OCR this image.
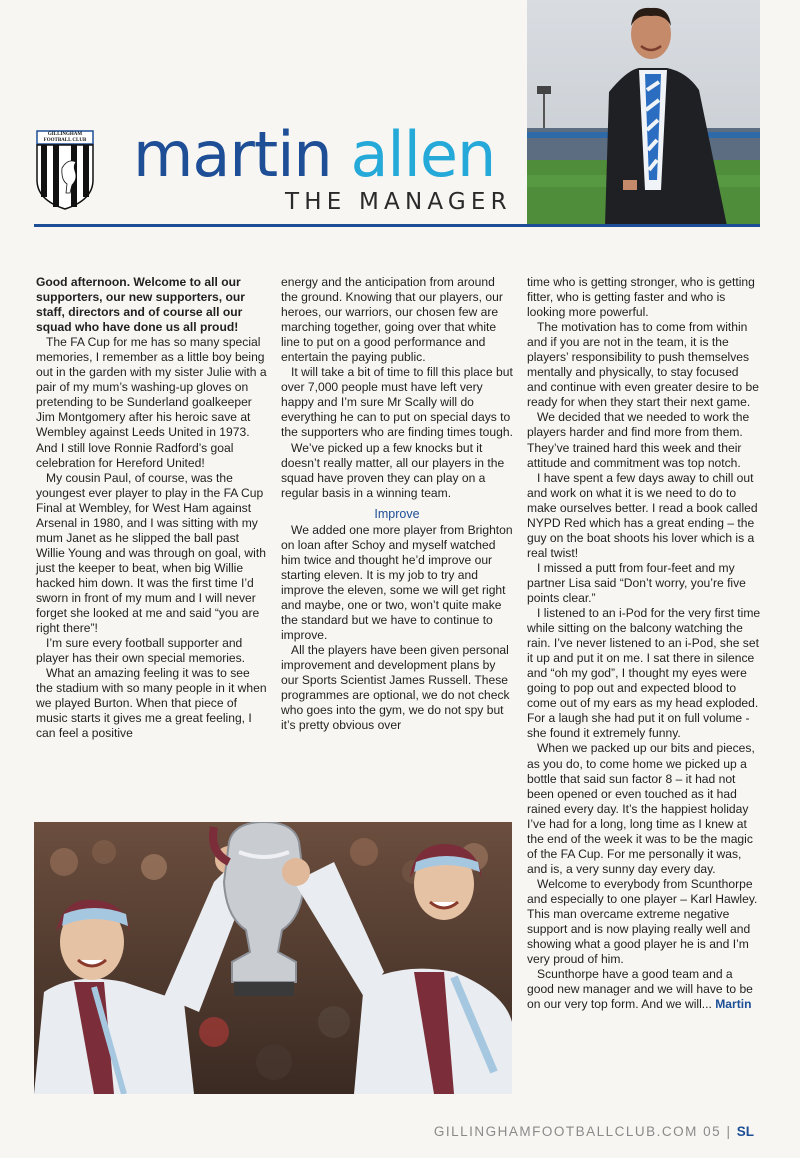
GILLINGHAM FOOTBALL CLUB martin allen
THE MANAGER

Good afternoon. Welcome to all our supporters, our new supporters, our staff, directors and of course all our squad who have done us all proud!

The FA Cup for me has so many special memories, I remember as a little boy being out in the garden with my sister Julie with a pair of my mum’s washing-up gloves on pretending to be Sunderland goalkeeper Jim Montgomery after his heroic save at Wembley against Leeds United in 1973. And I still love Ronnie Radford’s goal celebration for Hereford United!

My cousin Paul, of course, was the youngest ever player to play in the FA Cup Final at Wembley, for West Ham against Arsenal in 1980, and I was sitting with my mum Janet as he slipped the ball past Willie Young and was through on goal, with just the keeper to beat, when big Willie hacked him down. It was the first time I’d sworn in front of my mum and I will never forget she looked at me and said “you are right there”!

I’m sure every football supporter and player has their own special memories.

What an amazing feeling it was to see the stadium with so many people in it when we played Burton. When that piece of music starts it gives me a great feeling, I can feel a positive

energy and the anticipation from around the ground. Knowing that our players, our heroes, our warriors, our chosen few are marching together, going over that white line to put on a good performance and entertain the paying public.

It will take a bit of time to fill this place but over 7,000 people must have left very happy and I’m sure Mr Scally will do everything he can to put on special days to the supporters who are finding times tough.

We’ve picked up a few knocks but it doesn’t really matter, all our players in the squad have proven they can play on a regular basis in a winning team.

Improve

We added one more player from Brighton on loan after Schoy and myself watched him twice and thought he’d improve our starting eleven. It is my job to try and improve the eleven, some we will get right and maybe, one or two, won’t quite make the standard but we have to continue to improve.

All the players have been given personal improvement and development plans by our Sports Scientist James Russell. These programmes are optional, we do not check who goes into the gym, we do not spy but it’s pretty obvious over

time who is getting stronger, who is getting fitter, who is getting faster and who is looking more powerful.

The motivation has to come from within and if you are not in the team, it is the players’ responsibility to push themselves mentally and physically, to stay focused and continue with even greater desire to be ready for when they start their next game.

We decided that we needed to work the players harder and find more from them. They’ve trained hard this week and their attitude and commitment was top notch.

I have spent a few days away to chill out and work on what it is we need to do to make ourselves better. I read a book called NYPD Red which has a great ending – the guy on the boat shoots his lover which is a real twist!

I missed a putt from four-feet and my partner Lisa said “Don’t worry, you’re five points clear.”

I listened to an i-Pod for the very first time while sitting on the balcony watching the rain. I’ve never listened to an i-Pod, she set it up and put it on me. I sat there in silence and “oh my god”, I thought my eyes were going to pop out and expected blood to come out of my ears as my head exploded. For a laugh she had put it on full volume - she found it extremely funny.

When we packed up our bits and pieces, as you do, to come home we picked up a bottle that said sun factor 8 – it had not been opened or even touched as it had rained every day. It’s the happiest holiday I’ve had for a long, long time as I knew at the end of the week it was to be the magic of the FA Cup. For me personally it was, and is, a very sunny day every day.

Welcome to everybody from Scunthorpe and especially to one player – Karl Hawley. This man overcame extreme negative support and is now playing really well and showing what a good player he is and I’m very proud of him.

Scunthorpe have a good team and a good new manager and we will have to be on our very top form. And we will... Martin

GILLINGHAMFOOTBALLCLUB.COM 05 | SL
